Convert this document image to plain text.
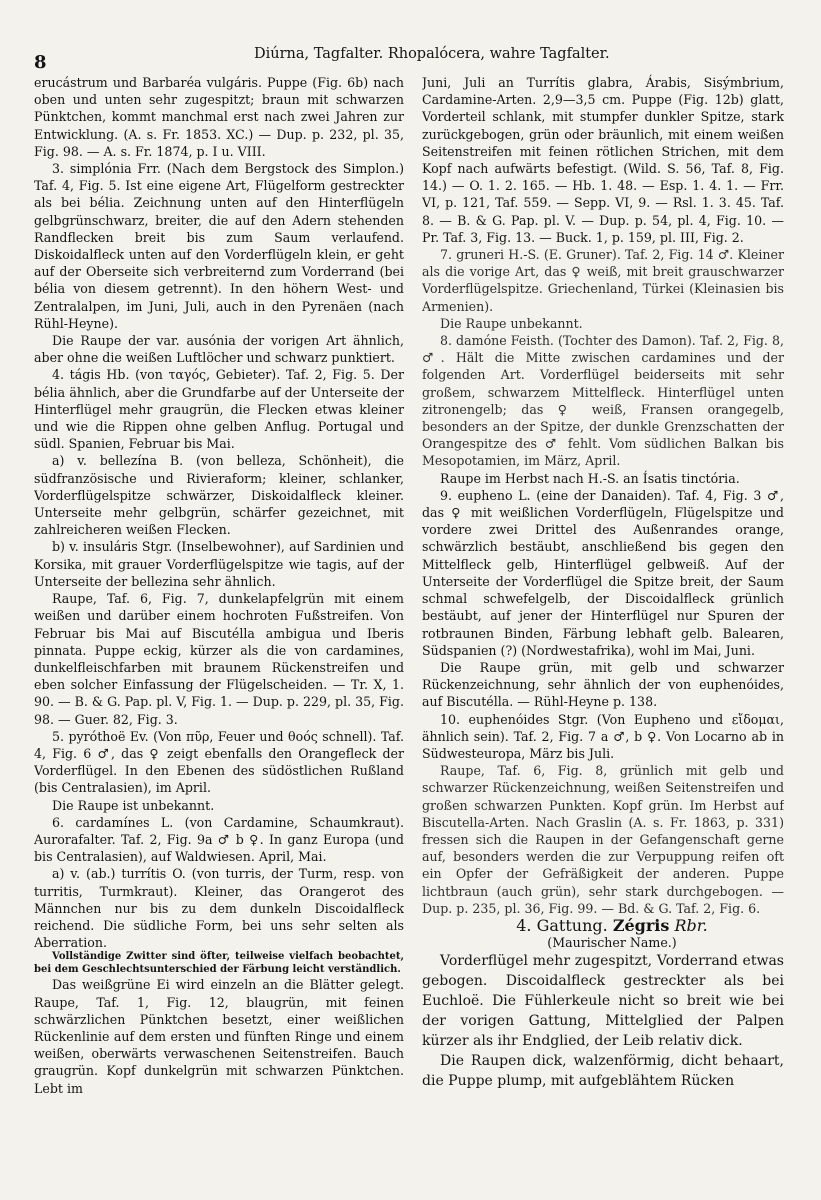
8	Diúrna, Tagfalter. Rhopalócera, wahre Tagfalter.

erucástrum und Barbaréa vulgáris. Puppe (Fig. 6b) nach oben und unten sehr zugespitzt; braun mit schwarzen Pünktchen, kommt manchmal erst nach zwei Jahren zur Entwicklung. (A. s. Fr. 1853. XC.) — Dup. p. 232, pl. 35, Fig. 98. — A. s. Fr. 1874, p. I u. VIII.

3. simplónia Frr. (Nach dem Bergstock des Simplon.) Taf. 4, Fig. 5. Ist eine eigene Art, Flügelform gestreckter als bei bélia. Zeichnung unten auf den Hinterflügeln gelbgrünschwarz, breiter, die auf den Adern stehenden Randflecken breit bis zum Saum verlaufend. Diskoidalfleck unten auf den Vorderflügeln klein, er geht auf der Oberseite sich verbreiternd zum Vorderrand (bei bélia von diesem getrennt). In den höhern West- und Zentralalpen, im Juni, Juli, auch in den Pyrenäen (nach Rühl-Heyne).

Die Raupe der var. ausónia der vorigen Art ähnlich, aber ohne die weißen Luftlöcher und schwarz punktiert.

4. tágis Hb. (von ταγός, Gebieter). Taf. 2, Fig. 5. Der bélia ähnlich, aber die Grundfarbe auf der Unterseite der Hinterflügel mehr graugrün, die Flecken etwas kleiner und wie die Rippen ohne gelben Anflug. Portugal und südl. Spanien, Februar bis Mai.

a) v. bellezína B. (von belleza, Schönheit), die südfranzösische und Rivieraform; kleiner, schlanker, Vorderflügelspitze schwärzer, Diskoidalfleck kleiner. Unterseite mehr gelbgrün, schärfer gezeichnet, mit zahlreicheren weißen Flecken.

b) v. insuláris Stgr. (Inselbewohner), auf Sardinien und Korsika, mit grauer Vorderflügelspitze wie tagis, auf der Unterseite der bellezina sehr ähnlich.

Raupe, Taf. 6, Fig. 7, dunkelapfelgrün mit einem weißen und darüber einem hochroten Fußstreifen. Von Februar bis Mai auf Biscutélla ambigua und Iberis pinnata. Puppe eckig, kürzer als die von cardamines, dunkelfleischfarben mit braunem Rückenstreifen und eben solcher Einfassung der Flügelscheiden. — Tr. X, 1. 90. — B. & G. Pap. pl. V, Fig. 1. — Dup. p. 229, pl. 35, Fig. 98. — Guer. 82, Fig. 3.

5. pyróthoë Ev. (Von πῦρ, Feuer und θοός schnell). Taf. 4, Fig. 6 ♂, das ♀ zeigt ebenfalls den Orangefleck der Vorderflügel. In den Ebenen des südöstlichen Rußland (bis Centralasien), im April.

Die Raupe ist unbekannt.

6. cardamínes L. (von Cardamine, Schaumkraut). Aurorafalter. Taf. 2, Fig. 9a ♂ b ♀. In ganz Europa (und bis Centralasien), auf Waldwiesen. April, Mai.

a) v. (ab.) turrítis O. (von turris, der Turm, resp. von turritis, Turmkraut). Kleiner, das Orangerot des Männchen nur bis zu dem dunkeln Discoidalfleck reichend. Die südliche Form, bei uns sehr selten als Aberration.

Vollständige Zwitter sind öfter, teilweise vielfach beobachtet, bei dem Geschlechtsunterschied der Färbung leicht verständlich.

Das weißgrüne Ei wird einzeln an die Blätter gelegt. Raupe, Taf. 1, Fig. 12, blaugrün, mit feinen schwärzlichen Pünktchen besetzt, einer weißlichen Rückenlinie auf dem ersten und fünften Ringe und einem weißen, oberwärts verwaschenen Seitenstreifen. Bauch graugrün. Kopf dunkelgrün mit schwarzen Pünktchen. Lebt im

Juni, Juli an Turrítis glabra, Árabis, Sisýmbrium, Cardamine-Arten. 2,9—3,5 cm. Puppe (Fig. 12b) glatt, Vorderteil schlank, mit stumpfer dunkler Spitze, stark zurückgebogen, grün oder bräunlich, mit einem weißen Seitenstreifen mit feinen rötlichen Strichen, mit dem Kopf nach aufwärts befestigt. (Wild. S. 56, Taf. 8, Fig. 14.) — O. 1. 2. 165. — Hb. 1. 48. — Esp. 1. 4. 1. — Frr. VI, p. 121, Taf. 559. — Sepp. VI, 9. — Rsl. 1. 3. 45. Taf. 8. — B. & G. Pap. pl. V. — Dup. p. 54, pl. 4, Fig. 10. — Pr. Taf. 3, Fig. 13. — Buck. 1, p. 159, pl. III, Fig. 2.

7. gruneri H.-S. (E. Gruner). Taf. 2, Fig. 14 ♂. Kleiner als die vorige Art, das ♀ weiß, mit breit grauschwarzer Vorderflügelspitze. Griechenland, Türkei (Kleinasien bis Armenien).

Die Raupe unbekannt.

8. damóne Feisth. (Tochter des Damon). Taf. 2, Fig. 8, ♂. Hält die Mitte zwischen cardamines und der folgenden Art. Vorderflügel beiderseits mit sehr großem, schwarzem Mittelfleck. Hinterflügel unten zitronengelb; das ♀ weiß, Fransen orangegelb, besonders an der Spitze, der dunkle Grenzschatten der Orangespitze des ♂ fehlt. Vom südlichen Balkan bis Mesopotamien, im März, April.

Raupe im Herbst nach H.-S. an Ísatis tinctória.

9. eupheno L. (eine der Danaiden). Taf. 4, Fig. 3 ♂, das ♀ mit weißlichen Vorderflügeln, Flügelspitze und vordere zwei Drittel des Außenrandes orange, schwärzlich bestäubt, anschließend bis gegen den Mittelfleck gelb, Hinterflügel gelbweiß. Auf der Unterseite der Vorderflügel die Spitze breit, der Saum schmal schwefelgelb, der Discoidalfleck grünlich bestäubt, auf jener der Hinterflügel nur Spuren der rotbraunen Binden, Färbung lebhaft gelb. Balearen, Südspanien (?) (Nordwestafrika), wohl im Mai, Juni.

Die Raupe grün, mit gelb und schwarzer Rückenzeichnung, sehr ähnlich der von euphenóides, auf Biscutélla. — Rühl-Heyne p. 138.

10. euphenóides Stgr. (Von Eupheno und εἴδομαι, ähnlich sein). Taf. 2, Fig. 7 a ♂, b ♀. Von Locarno ab in Südwesteuropa, März bis Juli.

Raupe, Taf. 6, Fig. 8, grünlich mit gelb und schwarzer Rückenzeichnung, weißen Seitenstreifen und großen schwarzen Punkten. Kopf grün. Im Herbst auf Biscutella-Arten. Nach Graslin (A. s. Fr. 1863, p. 331) fressen sich die Raupen in der Gefangenschaft gerne auf, besonders werden die zur Verpuppung reifen oft ein Opfer der Gefräßigkeit der anderen. Puppe lichtbraun (auch grün), sehr stark durchgebogen. — Dup. p. 235, pl. 36, Fig. 99. — Bd. & G. Taf. 2, Fig. 6.

4. Gattung. Zégris Rbr.

(Maurischer Name.)

Vorderflügel mehr zugespitzt, Vorderrand etwas gebogen. Discoidalfleck gestreckter als bei Euchloë. Die Fühlerkeule nicht so breit wie bei der vorigen Gattung, Mittelglied der Palpen kürzer als ihr Endglied, der Leib relativ dick.

Die Raupen dick, walzenförmig, dicht behaart, die Puppe plump, mit aufgeblähtem Rücken
